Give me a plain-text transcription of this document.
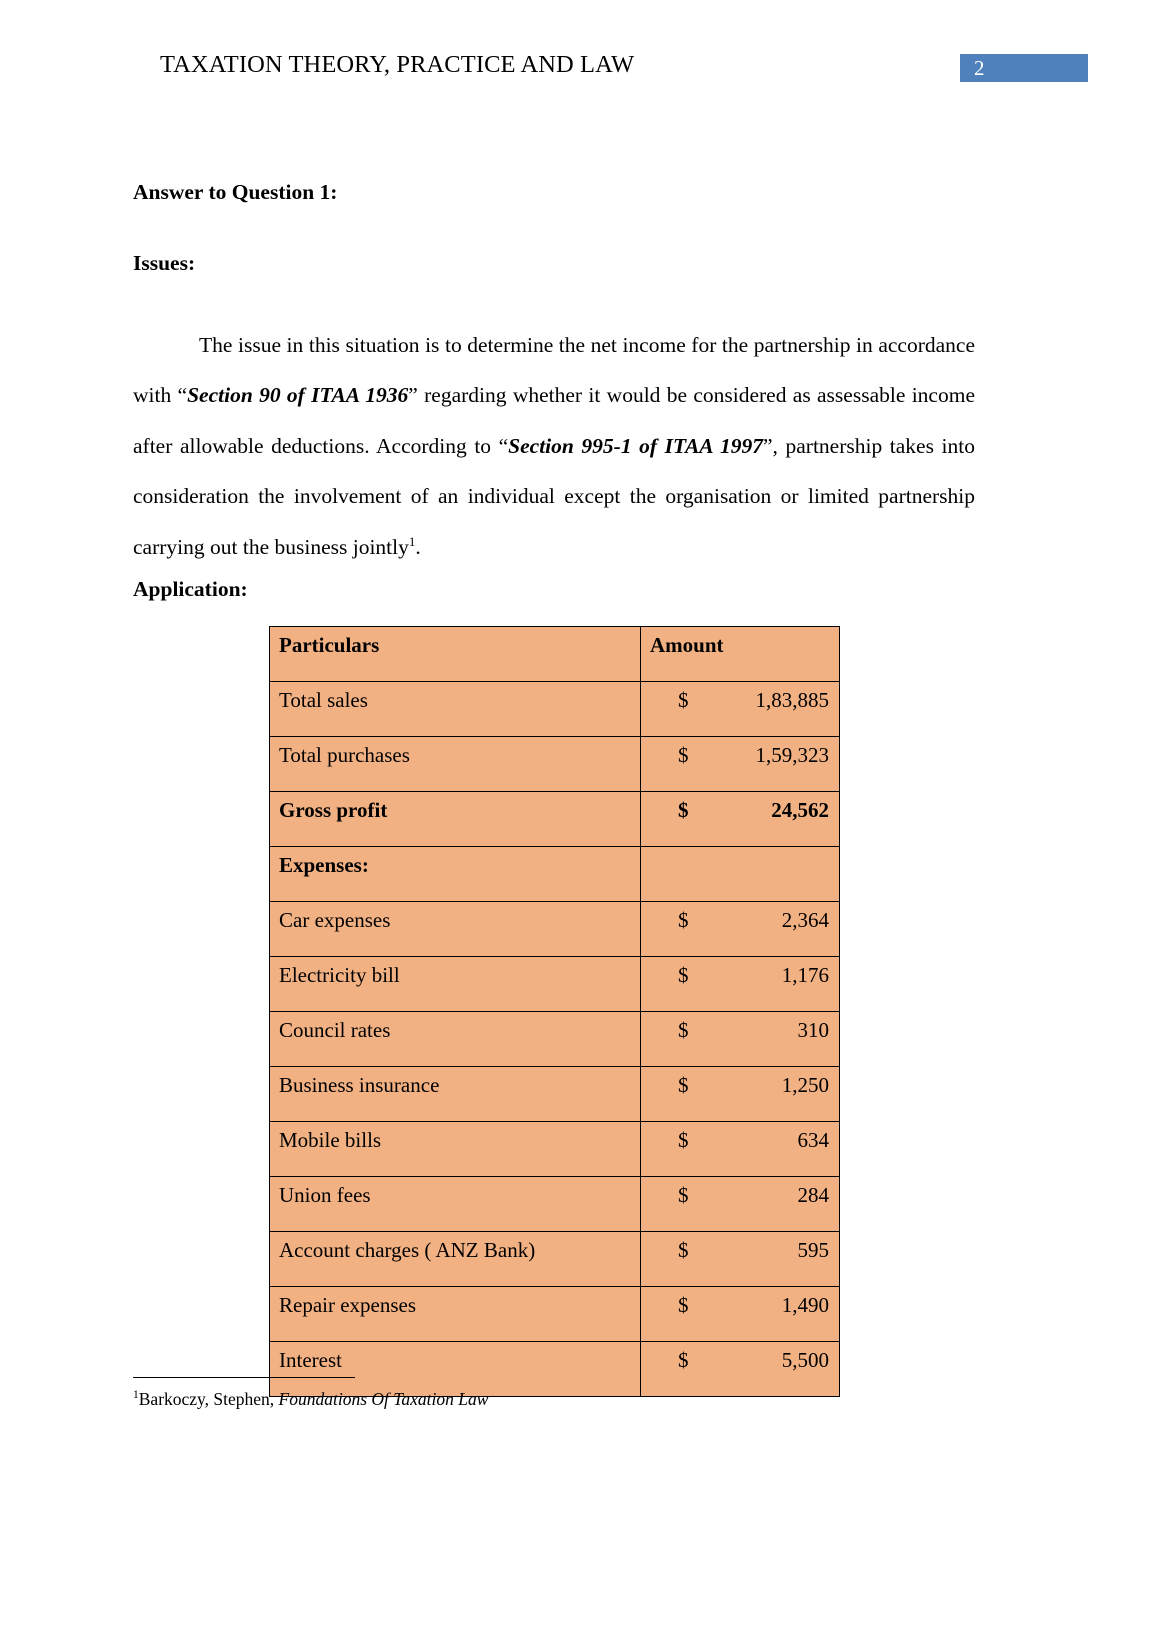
TAXATION THEORY, PRACTICE AND LAW	2
Answer to Question 1:
Issues:

The issue in this situation is to determine the net income for the partnership in accordance with “Section 90 of ITAA 1936” regarding whether it would be considered as assessable income after allowable deductions. According to “Section 995-1 of ITAA 1997”, partnership takes into consideration the involvement of an individual except the organisation or limited partnership carrying out the business jointly$^1$.

Application:
Particulars	Amount
Total sales	$ 1,83,885

Total purchases	$ 1,59,323

Gross profit	$ 24,562

Expenses:	

Car expenses	$ 2,364

Electricity bill	$ 1,176

Council rates	$ 310

Business insurance	$ 1,250

Mobile bills	$ 634

Union fees	$ 284

Account charges ( ANZ Bank)	$ 595

Repair expenses	$ 1,490

Interest	$ 5,500
$^1$Barkoczy, Stephen, Foundations Of Taxation Law
